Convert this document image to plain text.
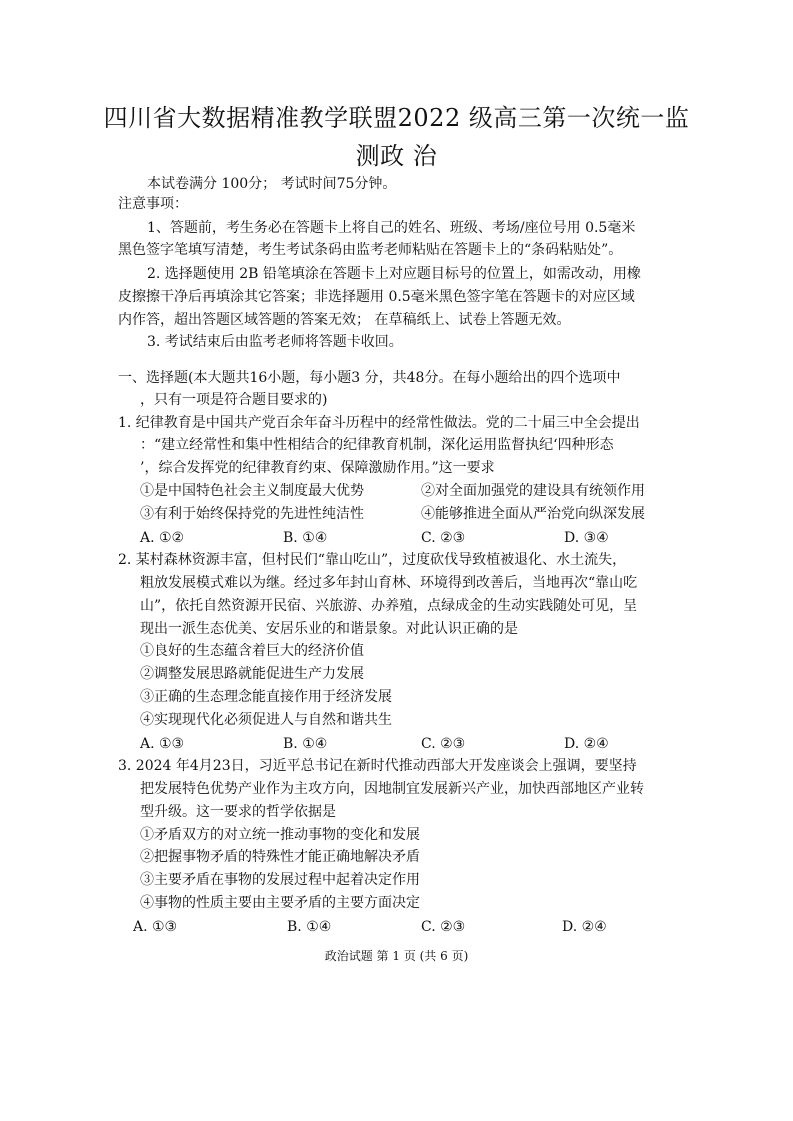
四川省大数据精准教学联盟2022 级高三第一次统一监
测政 治
本试卷满分 100分； 考试时间75分钟。
注意事项：
1、答题前，考生务必在答题卡上将自己的姓名、班级、考场/座位号用 0.5毫米
黑色签字笔填写清楚，考生考试条码由监考老师粘贴在答题卡上的“条码粘贴处”。
2. 选择题使用 2B 铅笔填涂在答题卡上对应题目标号的位置上，如需改动，用橡
皮擦擦干净后再填涂其它答案；非选择题用 0.5毫米黑色签字笔在答题卡的对应区域
内作答，超出答题区域答题的答案无效； 在草稿纸上、试卷上答题无效。
3. 考试结束后由监考老师将答题卡收回。
一、选择题(本大题共16小题，每小题3 分，共48分。在每小题给出的四个选项中
，只有一项是符合题目要求的)
1. 纪律教育是中国共产党百余年奋斗历程中的经常性做法。党的二十届三中全会提出
：“建立经常性和集中性相结合的纪律教育机制，深化运用监督执纪‘四种形态
’，综合发挥党的纪律教育约束、保障激励作用。”这一要求
①是中国特色社会主义制度最大优势	②对全面加强党的建设具有统领作用
③有利于始终保持党的先进性纯洁性	④能够推进全面从严治党向纵深发展
A. ①②	B. ①④	C. ②③	D. ③④
2. 某村森林资源丰富，但村民们“靠山吃山”，过度砍伐导致植被退化、水土流失，
粗放发展模式难以为继。经过多年封山育林、环境得到改善后，当地再次“靠山吃
山”，依托自然资源开民宿、兴旅游、办养殖，点绿成金的生动实践随处可见，呈
现出一派生态优美、安居乐业的和谐景象。对此认识正确的是
①良好的生态蕴含着巨大的经济价值
②调整发展思路就能促进生产力发展
③正确的生态理念能直接作用于经济发展
④实现现代化必须促进人与自然和谐共生
A. ①③	B. ①④	C. ②③	D. ②④
3. 2024 年4月23日，习近平总书记在新时代推动西部大开发座谈会上强调，要坚持
把发展特色优势产业作为主攻方向，因地制宜发展新兴产业，加快西部地区产业转
型升级。这一要求的哲学依据是
①矛盾双方的对立统一推动事物的变化和发展
②把握事物矛盾的特殊性才能正确地解决矛盾
③主要矛盾在事物的发展过程中起着决定作用
④事物的性质主要由主要矛盾的主要方面决定
A. ①③	B. ①④	C. ②③	D. ②④
政治试题 第 1 页 (共 6 页)
